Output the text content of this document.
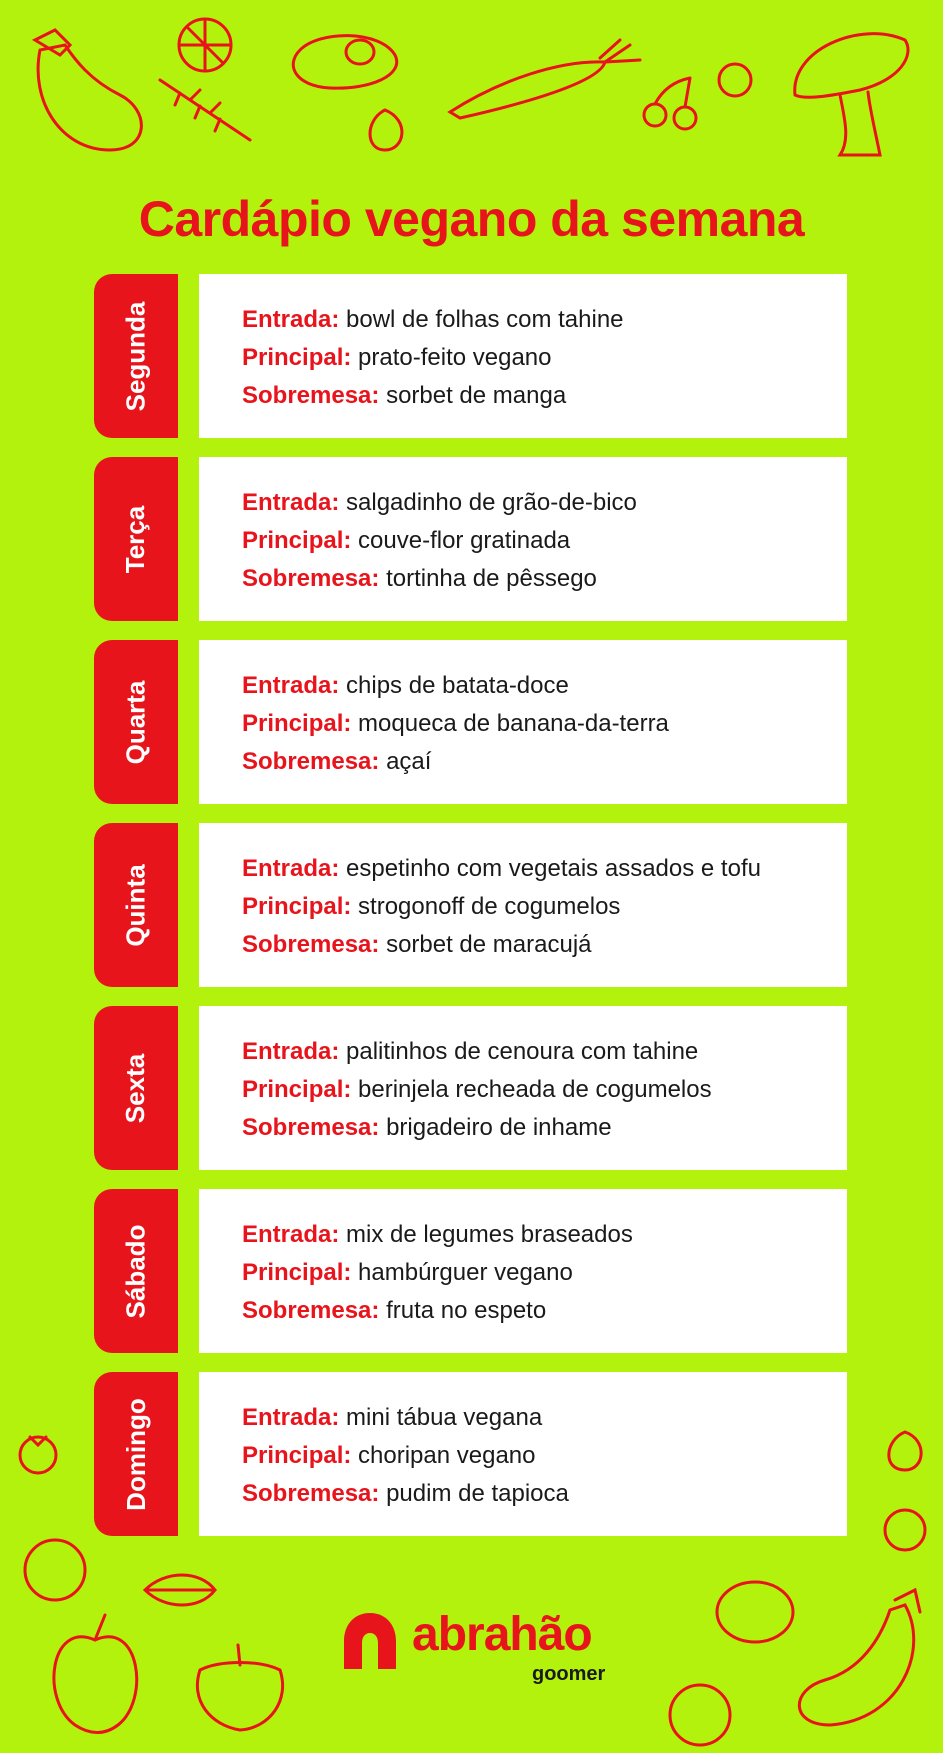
Cardápio vegano da semana
Segunda	Entrada: bowl de folhas com tahine
Principal: prato-feito vegano
Sobremesa: sorbet de manga
Terça
Entrada: salgadinho de grão-de-bico
Principal: couve-flor gratinada
Sobremesa: tortinha de pêssego
Quarta	Entrada: chips de batata-doce
Principal: moqueca de banana-da-terra
Sobremesa: açaí
Quinta	Entrada: espetinho com vegetais assados e tofu
Principal: strogonoff de cogumelos
Sobremesa: sorbet de maracujá
Sexta
Entrada: palitinhos de cenoura com tahine
Principal: berinjela recheada de cogumelos
Sobremesa: brigadeiro de inhame
Sábado	Entrada: mix de legumes braseados
Principal: hambúrguer vegano
Sobremesa: fruta no espeto
Domingo	Entrada: mini tábua vegana
Principal: choripan vegano
Sobremesa: pudim de tapioca
abrahão
goomer
